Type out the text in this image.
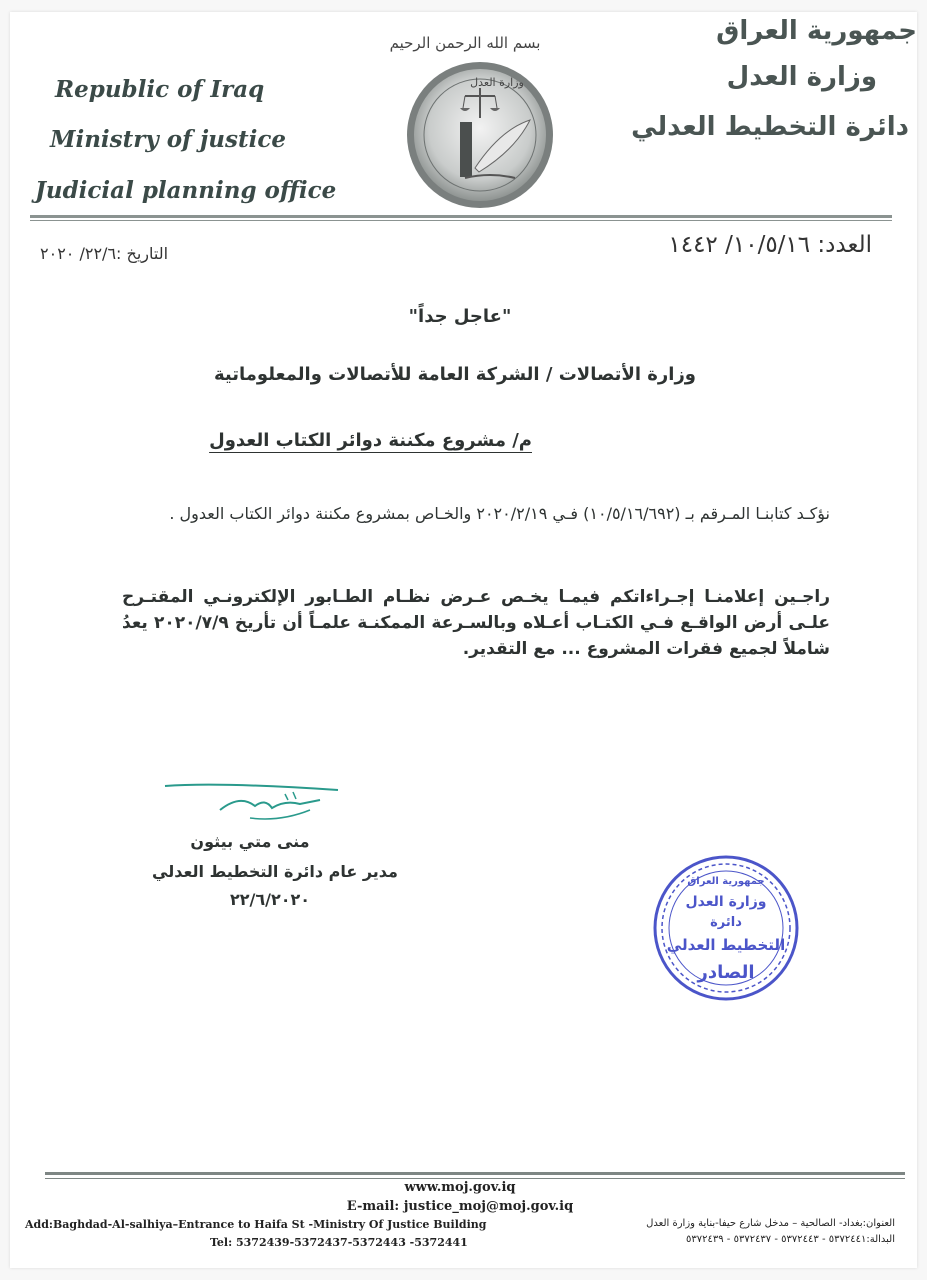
Republic of Iraq
Ministry of justice
Judicial planning office
بسم الله الرحمن الرحيم
وزارة العدل
جمهورية العراق
وزارة العدل
دائرة التخطيط العدلي
العدد: ١٠/٥/١٦/ ١٤٤٢
التاريخ :٢٢/٦/ ٢٠٢٠
"عاجل جداً"
وزارة الأتصالات / الشركة العامة للأتصالات والمعلوماتية
م/ مشروع مكننة دوائر الكتاب العدول
نؤكـد كتابنـا المـرقم بـ (١٠/٥/١٦/٦٩٢) فـي ٢٠٢٠/٢/١٩ والخـاص بمشروع مكننة دوائر الكتاب العدول .
راجـين إعلامنـا إجـراءاتكم فيمـا يخـص عـرض نظـام الطـابور الإلكترونـي المقتـرح علـى أرض الواقـع فـي الكتـاب أعـلاه وبالسـرعة الممكنـة علمـاً أن تأريخ ٢٠٢٠/٧/٩ يعدُ شاملاً لجميع فقرات المشروع ... مع التقدير.
منى متي بيثون
مدير عام دائرة التخطيط العدلي
٢٢/٦/٢٠٢٠
جمهورية العراق
وزارة العدل
دائرة
التخطيط العدلي
الصادر
www.moj.gov.iq
E-mail: justice_moj@moj.gov.iq
Add:Baghdad-Al-salhiya–Entrance to Haifa St -Ministry Of Justice Building
Tel: 5372439-5372437-5372443 -5372441
العنوان:بغداد- الصالحية – مدخل شارع حيفا-بناية وزارة العدل
البدالة:٥٣٧٢٤٤١ - ٥٣٧٢٤٤٣ - ٥٣٧٢٤٣٧ - ٥٣٧٢٤٣٩
